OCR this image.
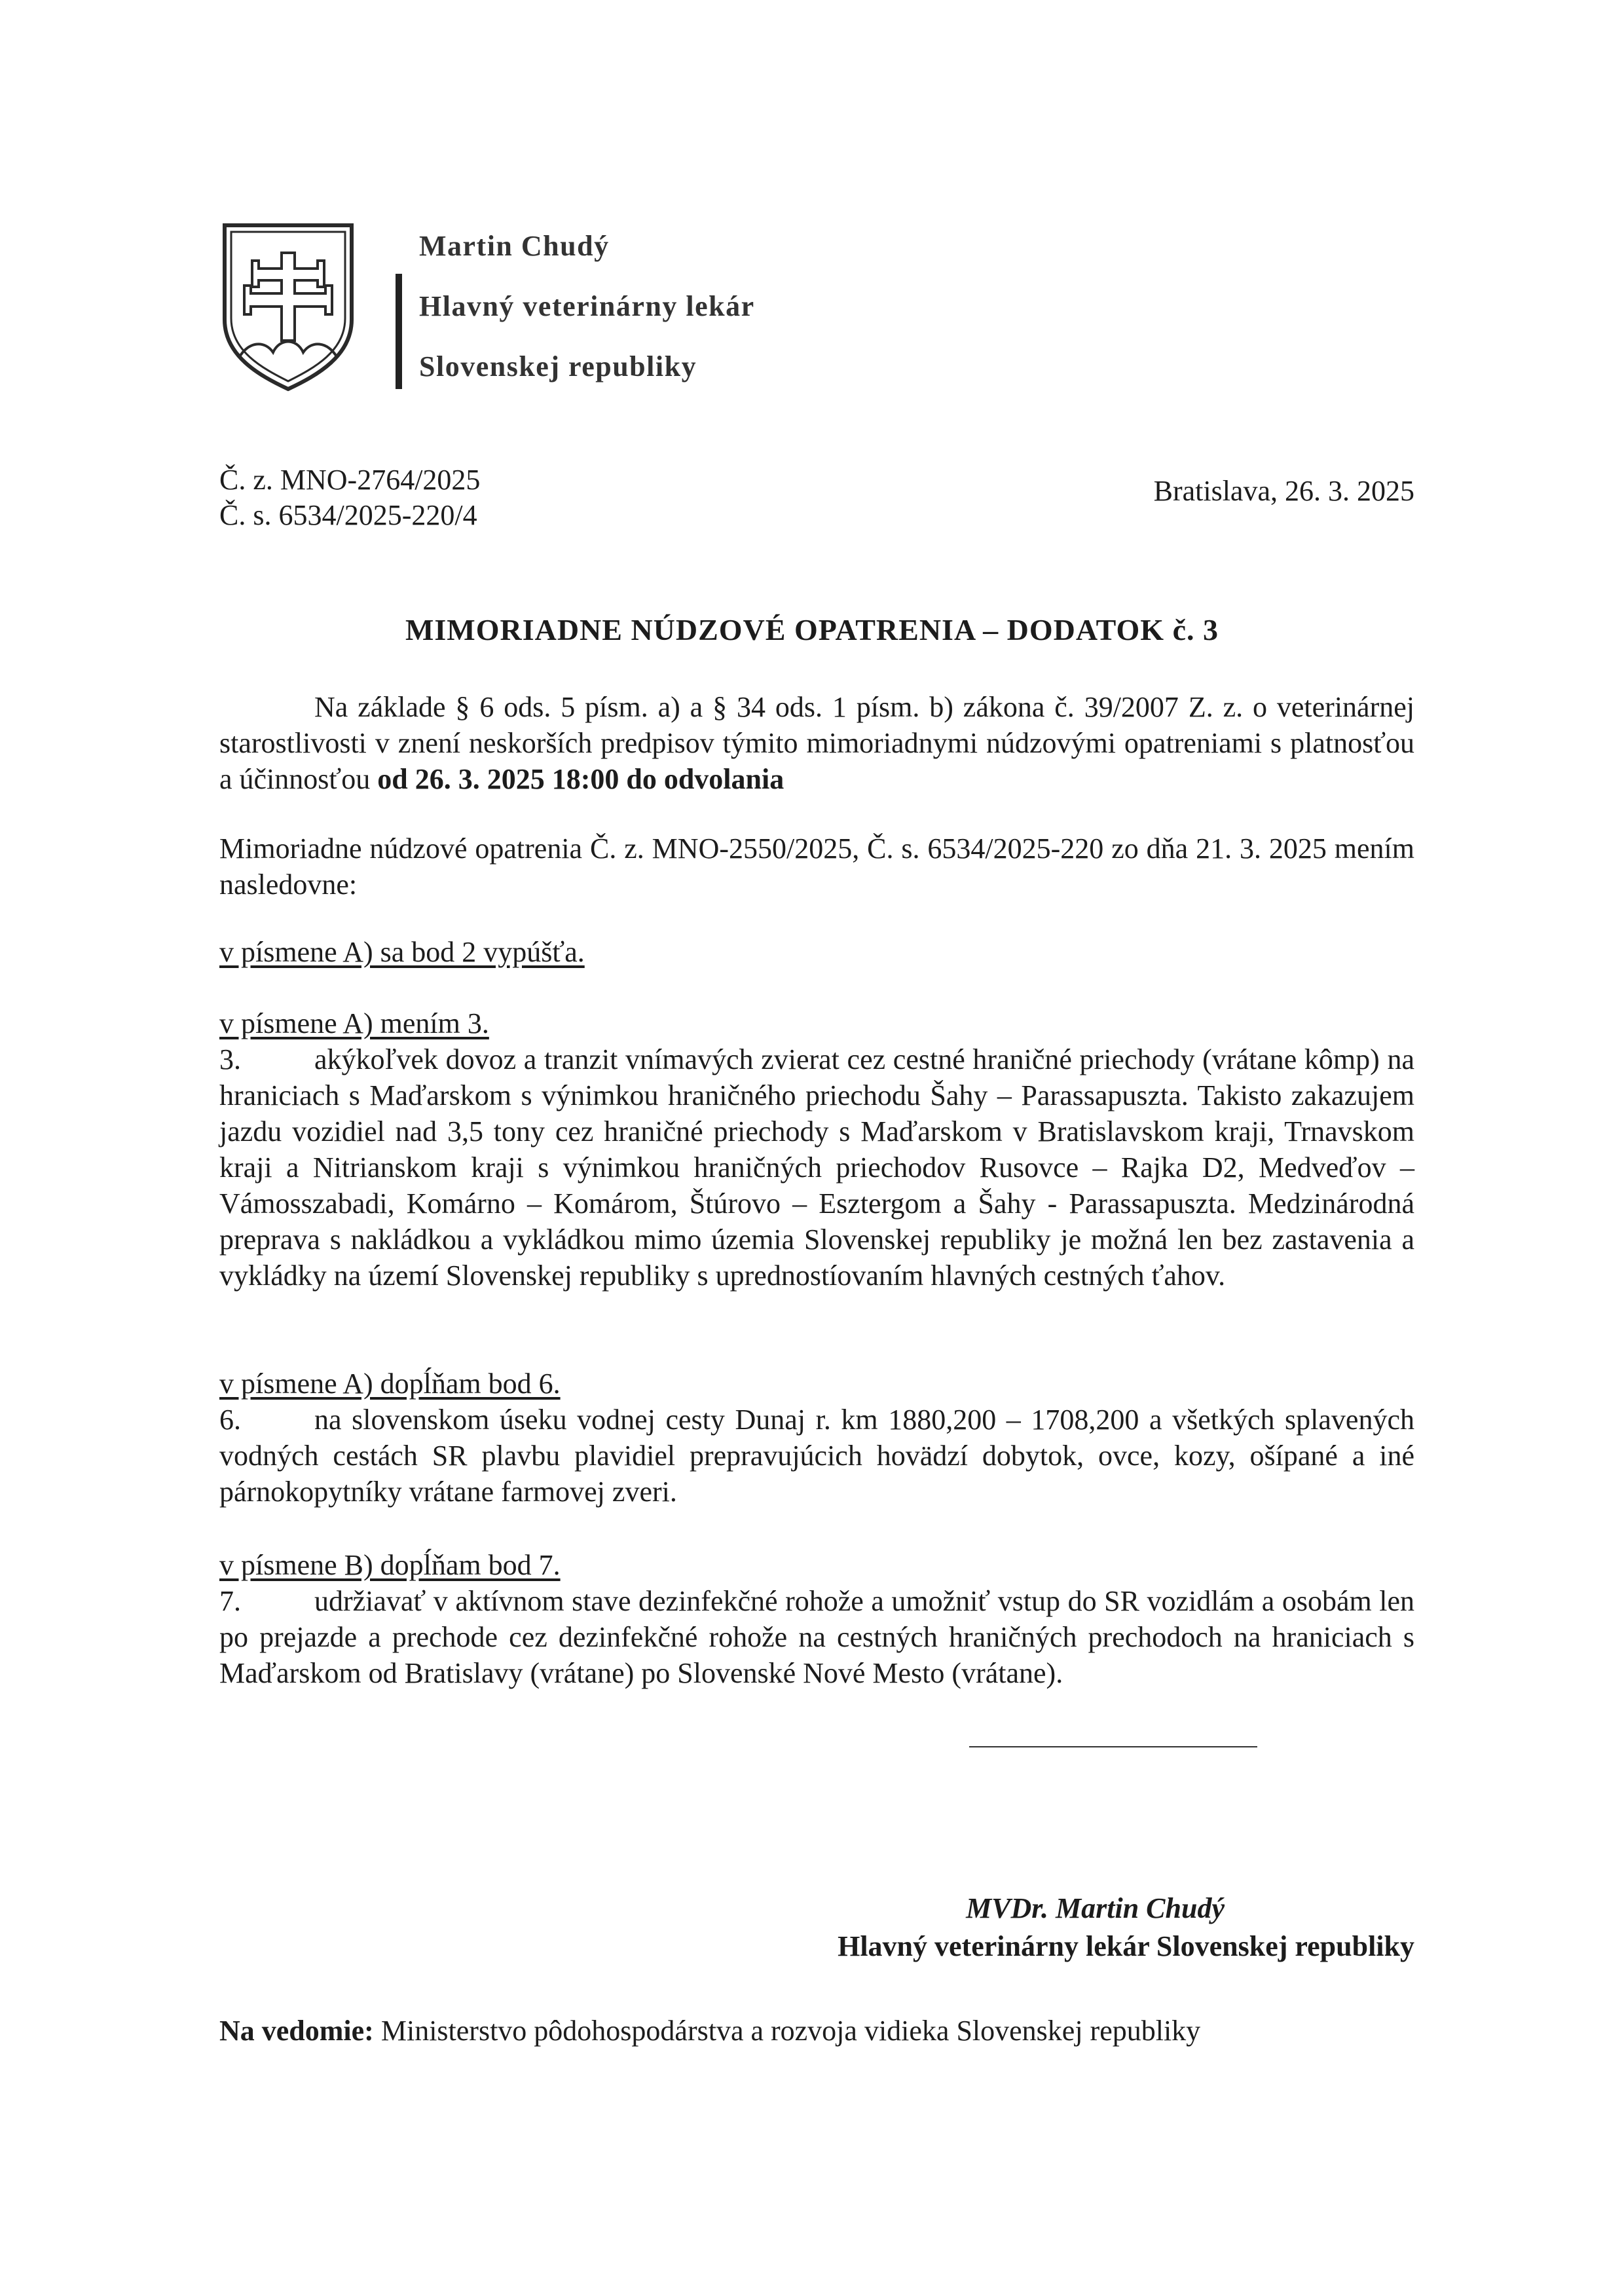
Martin Chudý
Hlavný veterinárny lekár
Slovenskej republiky
Č. z. MNO-2764/2025
Č. s. 6534/2025-220/4
Bratislava, 26. 3. 2025
MIMORIADNE NÚDZOVÉ OPATRENIA – DODATOK č. 3

Na základe § 6 ods. 5 písm. a) a § 34 ods. 1 písm. b) zákona č. 39/2007 Z. z. o veterinárnej starostlivosti v znení neskorších predpisov týmito mimoriadnymi núdzovými opatreniami s platnosťou a účinnosťou od 26. 3. 2025 18:00 do odvolania

Mimoriadne núdzové opatrenia Č. z. MNO-2550/2025, Č. s. 6534/2025-220 zo dňa 21. 3. 2025 mením nasledovne:

v písmene A) sa bod 2 vypúšťa.

v písmene A) mením 3.

3.	akýkoľvek dovoz a tranzit vnímavých zvierat cez cestné hraničné priechody (vrátane kômp) na hraniciach s Maďarskom s výnimkou hraničného priechodu Šahy – Parassapuszta. Takisto zakazujem jazdu vozidiel nad 3,5 tony cez hraničné priechody s Maďarskom v Bratislavskom kraji, Trnavskom kraji a Nitrianskom kraji s výnimkou hraničných priechodov Rusovce – Rajka D2, Medveďov – Vámosszabadi, Komárno – Komárom, Štúrovo – Esztergom a Šahy - Parassapuszta. Medzinárodná preprava s nakládkou a vykládkou mimo územia Slovenskej republiky je možná len bez zastavenia a vykládky na území Slovenskej republiky s uprednostíovaním hlavných cestných ťahov.

v písmene A) dopĺňam bod 6.

6.	na slovenskom úseku vodnej cesty Dunaj r. km 1880,200 – 1708,200 a všetkých splavených vodných cestách SR plavbu plavidiel prepravujúcich hovädzí dobytok, ovce, kozy, ošípané a iné párnokopytníky vrátane farmovej zveri.

v písmene B) dopĺňam bod 7.

7.	udržiavať v aktívnom stave dezinfekčné rohože a umožniť vstup do SR vozidlám a osobám len po prejazde a prechode cez dezinfekčné rohože na cestných hraničných prechodoch na hraniciach s Maďarskom od Bratislavy (vrátane) po Slovenské Nové Mesto (vrátane).

MVDr. Martin Chudý
Hlavný veterinárny lekár Slovenskej republiky
Na vedomie: Ministerstvo pôdohospodárstva a rozvoja vidieka Slovenskej republiky
